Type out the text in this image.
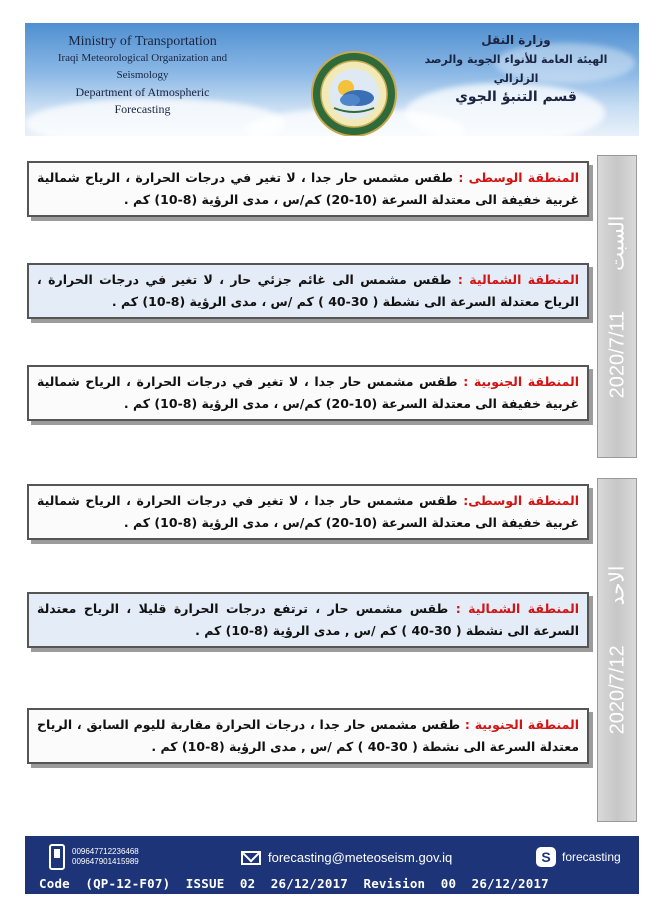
Ministry of Transportation
Iraqi Meteorological Organization and Seismology
Department of Atmospheric Forecasting
وزارة النقل
الهيئة العامة للأنواء الجوية والرصد الزلزالي
قسم التنبؤ الجوي
2020/7/11السبت
المنطقة الوسطى : طقس مشمس حار جدا ، لا تغير في درجات الحرارة ، الرياح شمالية غربية خفيفة الى معتدلة السرعة (10-20) كم/س ، مدى الرؤية (8-10) كم .
المنطقة الشمالية : طقس مشمس الى غائم جزئي حار ، لا تغير في درجات الحرارة ، الرياح معتدلة السرعة الى نشطة ( 30-40 ) كم /س ، مدى الرؤية (8-10) كم .
المنطقة الجنوبية : طقس مشمس حار جدا ، لا تغير في درجات الحرارة ، الرياح شمالية غربية خفيفة الى معتدلة السرعة (10-20) كم/س ، مدى الرؤية (8-10) كم .
2020/7/12الاحد
المنطقة الوسطى: طقس مشمس حار جدا ، لا تغير في درجات الحرارة ، الرياح شمالية غربية خفيفة الى معتدلة السرعة (10-20) كم/س ، مدى الرؤية (8-10) كم .
المنطقة الشمالية : طقس مشمس حار ، ترتفع درجات الحرارة قليلا ، الرياح معتدلة السرعة الى نشطة ( 30-40 ) كم /س , مدى الرؤية (8-10) كم .
المنطقة الجنوبية : طقس مشمس حار جدا ، درجات الحرارة مقاربة لليوم السابق ، الرياح معتدلة السرعة الى نشطة ( 30-40 ) كم /س , مدى الرؤية (8-10) كم .
009647712236468
009647901415989	forecasting@meteoseism.gov.iq	S forecasting
Code  (QP-12-F07)  ISSUE  02  26/12/2017  Revision  00  26/12/2017
